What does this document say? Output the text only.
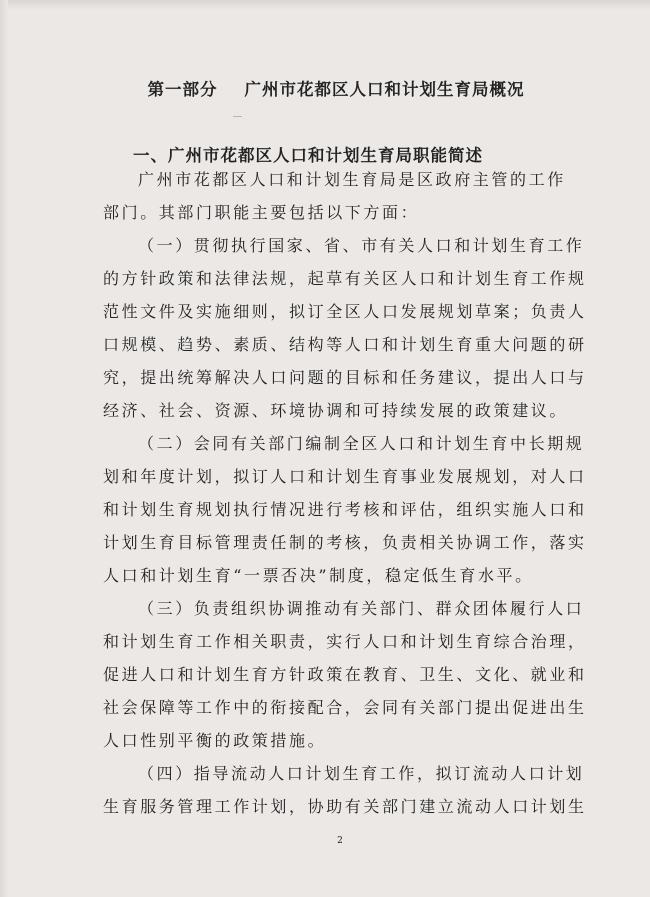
第一部分    广州市花都区人口和计划生育局概况
一、广州市花都区人口和计划生育局职能简述
广州市花都区人口和计划生育局是区政府主管的工作
部门。其部门职能主要包括以下方面：
（一）贯彻执行国家、省、市有关人口和计划生育工作
的方针政策和法律法规，起草有关区人口和计划生育工作规
范性文件及实施细则，拟订全区人口发展规划草案；负责人
口规模、趋势、素质、结构等人口和计划生育重大问题的研
究，提出统筹解决人口问题的目标和任务建议，提出人口与
经济、社会、资源、环境协调和可持续发展的政策建议。
（二）会同有关部门编制全区人口和计划生育中长期规
划和年度计划，拟订人口和计划生育事业发展规划，对人口
和计划生育规划执行情况进行考核和评估，组织实施人口和
计划生育目标管理责任制的考核，负责相关协调工作，落实
人口和计划生育“一票否决”制度，稳定低生育水平。
（三）负责组织协调推动有关部门、群众团体履行人口
和计划生育工作相关职责，实行人口和计划生育综合治理，
促进人口和计划生育方针政策在教育、卫生、文化、就业和
社会保障等工作中的衔接配合，会同有关部门提出促进出生
人口性别平衡的政策措施。
（四）指导流动人口计划生育工作，拟订流动人口计划
生育服务管理工作计划，协助有关部门建立流动人口计划生
2
